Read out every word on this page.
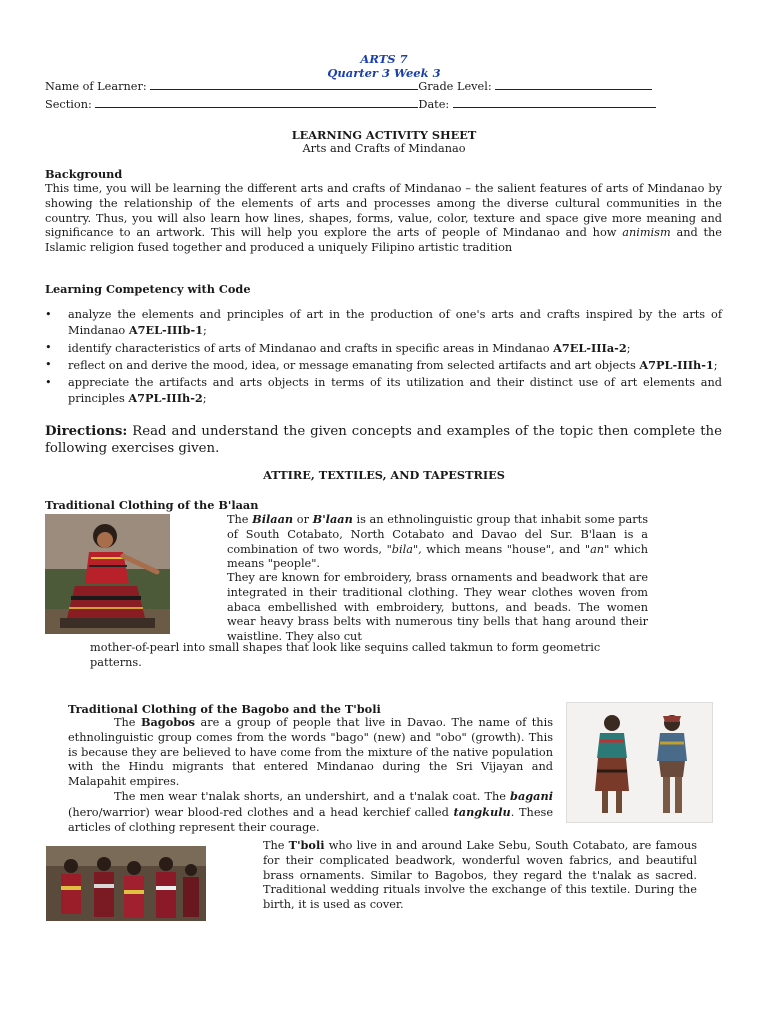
ARTS 7
Quarter 3 Week 3
Name of Learner:	Grade Level:
Section:	Date:
LEARNING ACTIVITY SHEET
Arts and Crafts of Mindanao
Background
This time, you will be learning the different arts and crafts of Mindanao – the salient features of arts of Mindanao by showing the relationship of the elements of arts and processes among the diverse cultural communities in the country. Thus, you will also learn how lines, shapes, forms, value, color, texture and space give more meaning and significance to an artwork. This will help you explore the arts of people of Mindanao and how animism and the Islamic religion fused together and produced a uniquely Filipino artistic tradition
Learning Competency with Code
• analyze the elements and principles of art in the production of one's arts and crafts inspired by the arts of Mindanao A7EL-IIIb-1;
• identify characteristics of arts of Mindanao and crafts in specific areas in Mindanao A7EL-IIIa-2;
• reflect on and derive the mood, idea, or message emanating from selected artifacts and art objects A7PL-IIIh-1;
• appreciate the artifacts and arts objects in terms of its utilization and their distinct use of art elements and principles A7PL-IIIh-2;
Directions: Read and understand the given concepts and examples of the topic then complete the following exercises given.
ATTIRE, TEXTILES, AND TAPESTRIES
Traditional Clothing of the B'laan
The Bilaan or B'laan is an ethnolinguistic group that inhabit some parts of South Cotabato, North Cotabato and Davao del Sur. B'laan is a combination of two words, "bila", which means "house", and "an" which means "people".
They are known for embroidery, brass ornaments and beadwork that are integrated in their traditional clothing. They wear clothes woven from abaca embellished with embroidery, buttons, and beads. The women wear heavy brass belts with numerous tiny bells that hang around their waistline. They also cut
mother-of-pearl into small shapes that look like sequins called takmun to form geometric patterns.
Traditional Clothing of the Bagobo and the T'boli
The Bagobos are a group of people that live in Davao. The name of this ethnolinguistic group comes from the words "bago" (new) and "obo" (growth). This is because they are believed to have come from the mixture of the native population with the Hindu migrants that entered Mindanao during the Sri Vijayan and Malapahit empires.
The men wear t'nalak shorts, an undershirt, and a t'nalak coat. The bagani (hero/warrior) wear blood-red clothes and a head kerchief called tangkulu. These articles of clothing represent their courage.
The T'boli who live in and around Lake Sebu, South Cotabato, are famous for their complicated beadwork, wonderful woven fabrics, and beautiful brass ornaments. Similar to Bagobos, they regard the t'nalak as sacred. Traditional wedding rituals involve the exchange of this textile. During the birth, it is used as cover.
